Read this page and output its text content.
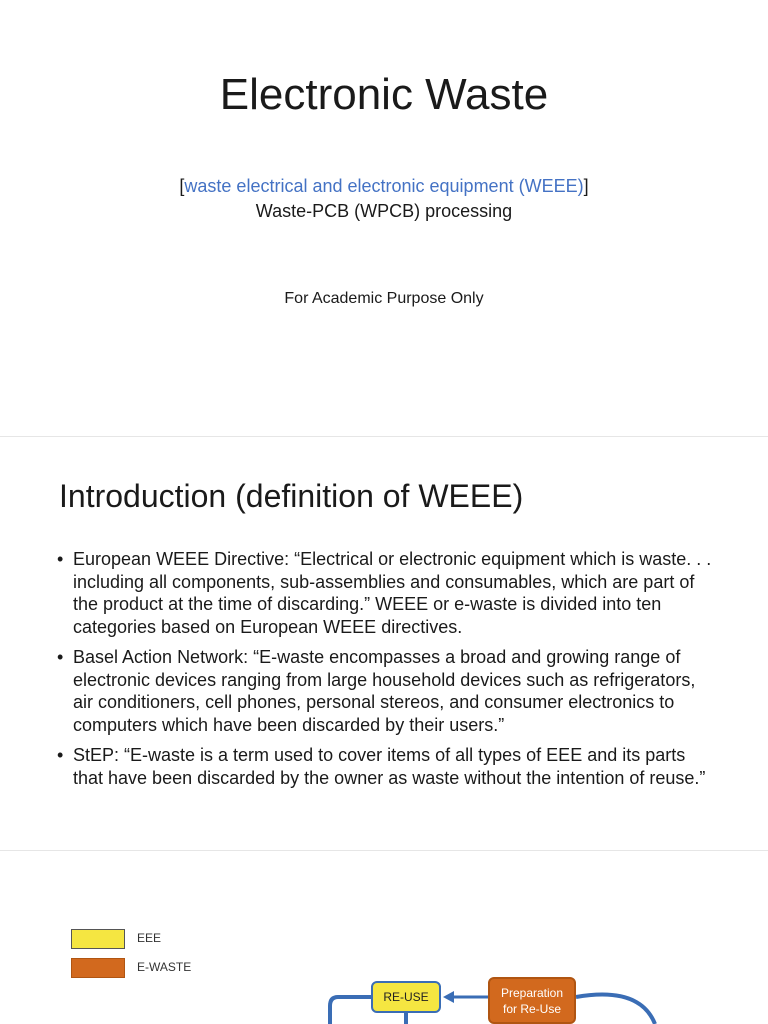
Electronic Waste
[waste electrical and electronic equipment (WEEE)]
Waste-PCB (WPCB) processing
For Academic Purpose Only
Introduction (definition of WEEE)
• European WEEE Directive: “Electrical or electronic equipment which is waste. . . including all components, sub-assemblies and consumables, which are part of the product at the time of discarding.” WEEE or e-waste is divided into ten categories based on European WEEE directives.
• Basel Action Network: “E-waste encompasses a broad and growing range of electronic devices ranging from large household devices such as refrigerators, air conditioners, cell phones, personal stereos, and consumer electronics to computers which have been discarded by their users.”
• StEP: “E-waste is a term used to cover items of all types of EEE and its parts that have been discarded by the owner as waste without the intention of reuse.”
EEE
E-WASTE
RE-USE	Preparation
for Re-Use
